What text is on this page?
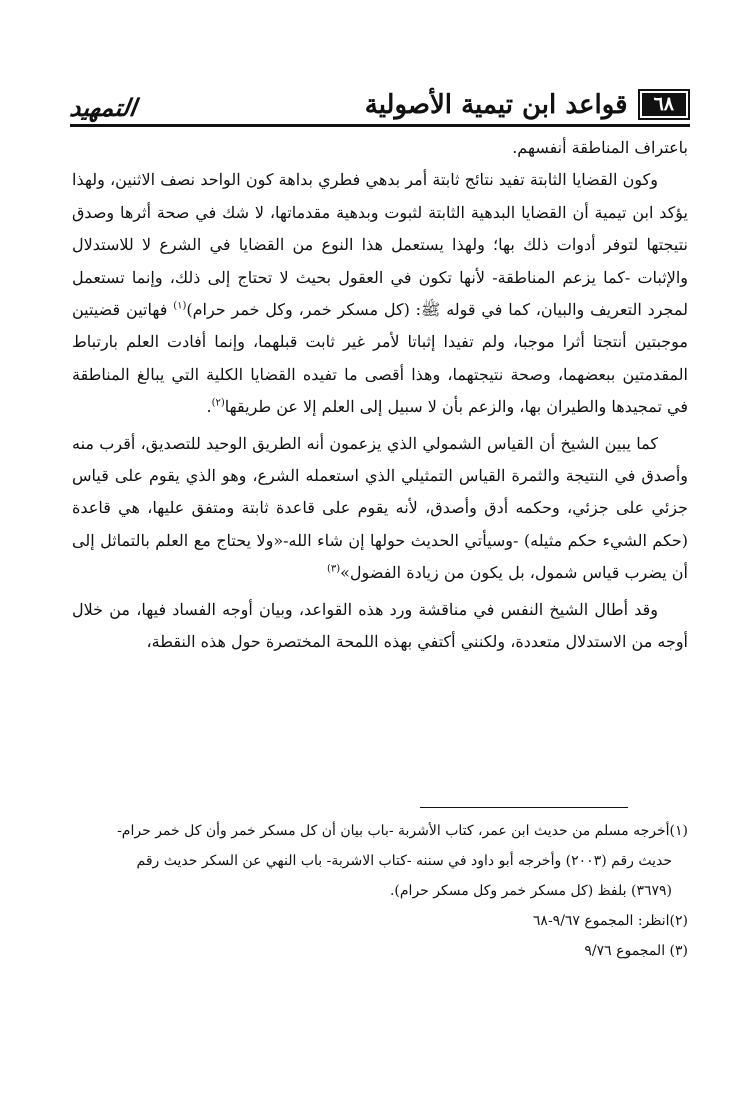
٦٨
قواعد ابن تيمية الأصولية
التمهيد

باعتراف المناطقة أنفسهم.

وكون القضايا الثابتة تفيد نتائج ثابتة أمر بدهي فطري بداهة كون الواحد نصف الاثنين، ولهذا يؤكد ابن تيمية أن القضايا البدهية الثابتة لثبوت وبدهية مقدماتها، لا شك في صحة أثرها وصدق نتيجتها لتوفر أدوات ذلك بها؛ ولهذا يستعمل هذا النوع من القضايا في الشرع لا للاستدلال والإثبات -كما يزعم المناطقة- لأنها تكون في العقول بحيث لا تحتاج إلى ذلك، وإنما تستعمل لمجرد التعريف والبيان، كما في قوله ﷺ: (كل مسكر خمر، وكل خمر حرام)$^{(١)}$ فهاتين قضيتين موجبتين أنتجتا أثرا موجبا، ولم تفيدا إثباتا لأمر غير ثابت قبلهما، وإنما أفادت العلم بارتباط المقدمتين ببعضهما، وصحة نتيجتهما، وهذا أقصى ما تفيده القضايا الكلية التي يبالغ المناطقة في تمجيدها والطيران بها، والزعم بأن لا سبيل إلى العلم إلا عن طريقها$^{(٢)}$.

كما يبين الشيخ أن القياس الشمولي الذي يزعمون أنه الطريق الوحيد للتصديق، أقرب منه وأصدق في النتيجة والثمرة القياس التمثيلي الذي استعمله الشرع، وهو الذي يقوم على قياس جزئي على جزئي، وحكمه أدق وأصدق، لأنه يقوم على قاعدة ثابتة ومتفق عليها، هي قاعدة (حكم الشيء حكم مثيله) -وسيأتي الحديث حولها إن شاء الله-«ولا يحتاج مع العلم بالتماثل إلى أن يضرب قياس شمول، بل يكون من زيادة الفضول»$^{(٣)}$

وقد أطال الشيخ النفس في مناقشة ورد هذه القواعد، وبيان أوجه الفساد فيها، من خلال أوجه من الاستدلال متعددة، ولكنني أكتفي بهذه اللمحة المختصرة حول هذه النقطة،

(١)أخرجه مسلم من حديث ابن عمر، كتاب الأشربة -باب بيان أن كل مسكر خمر وأن كل خمر حرام-

حديث رقم (٢٠٠٣) وأخرجه أبو داود في سننه -كتاب الاشربة- باب النهي عن السكر حديث رقم

(٣٦٧٩) بلفظ (كل مسكر خمر وكل مسكر حرام).

(٢)انظر: المجموع ٩/٦٧-٦٨

(٣) المجموع ٩/٧٦
